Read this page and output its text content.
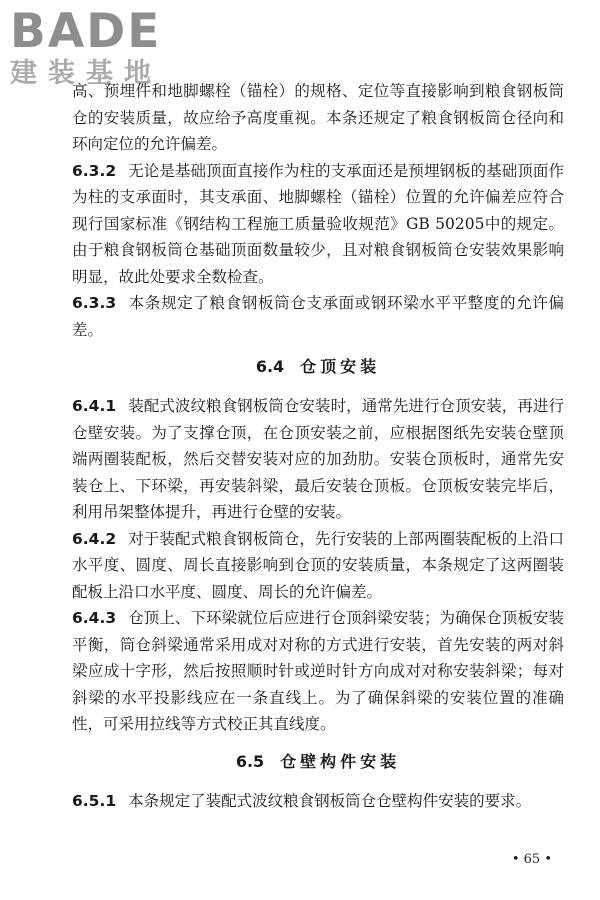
BADE
建装基地

高、预埋件和地脚螺栓（锚栓）的规格、定位等直接影响到粮食钢板筒仓的安装质量，故应给予高度重视。本条还规定了粮食钢板筒仓径向和环向定位的允许偏差。

6.3.2 无论是基础顶面直接作为柱的支承面还是预埋钢板的基础顶面作为柱的支承面时，其支承面、地脚螺栓（锚栓）位置的允许偏差应符合现行国家标准《钢结构工程施工质量验收规范》GB 50205中的规定。由于粮食钢板筒仓基础顶面数量较少，且对粮食钢板筒仓安装效果影响明显，故此处要求全数检查。

6.3.3 本条规定了粮食钢板筒仓支承面或钢环梁水平平整度的允许偏差。

6.4 仓顶安装

6.4.1 装配式波纹粮食钢板筒仓安装时，通常先进行仓顶安装，再进行仓壁安装。为了支撑仓顶，在仓顶安装之前，应根据图纸先安装仓壁顶端两圈装配板，然后交替安装对应的加劲肋。安装仓顶板时，通常先安装仓上、下环梁，再安装斜梁，最后安装仓顶板。仓顶板安装完毕后，利用吊架整体提升，再进行仓壁的安装。

6.4.2 对于装配式粮食钢板筒仓，先行安装的上部两圈装配板的上沿口水平度、圆度、周长直接影响到仓顶的安装质量，本条规定了这两圈装配板上沿口水平度、圆度、周长的允许偏差。

6.4.3 仓顶上、下环梁就位后应进行仓顶斜梁安装；为确保仓顶板安装平衡，筒仓斜梁通常采用成对对称的方式进行安装，首先安装的两对斜梁应成十字形，然后按照顺时针或逆时针方向成对对称安装斜梁；每对斜梁的水平投影线应在一条直线上。为了确保斜梁的安装位置的准确性，可采用拉线等方式校正其直线度。

6.5 仓壁构件安装

6.5.1 本条规定了装配式波纹粮食钢板筒仓仓壁构件安装的要求。

• 65 •
